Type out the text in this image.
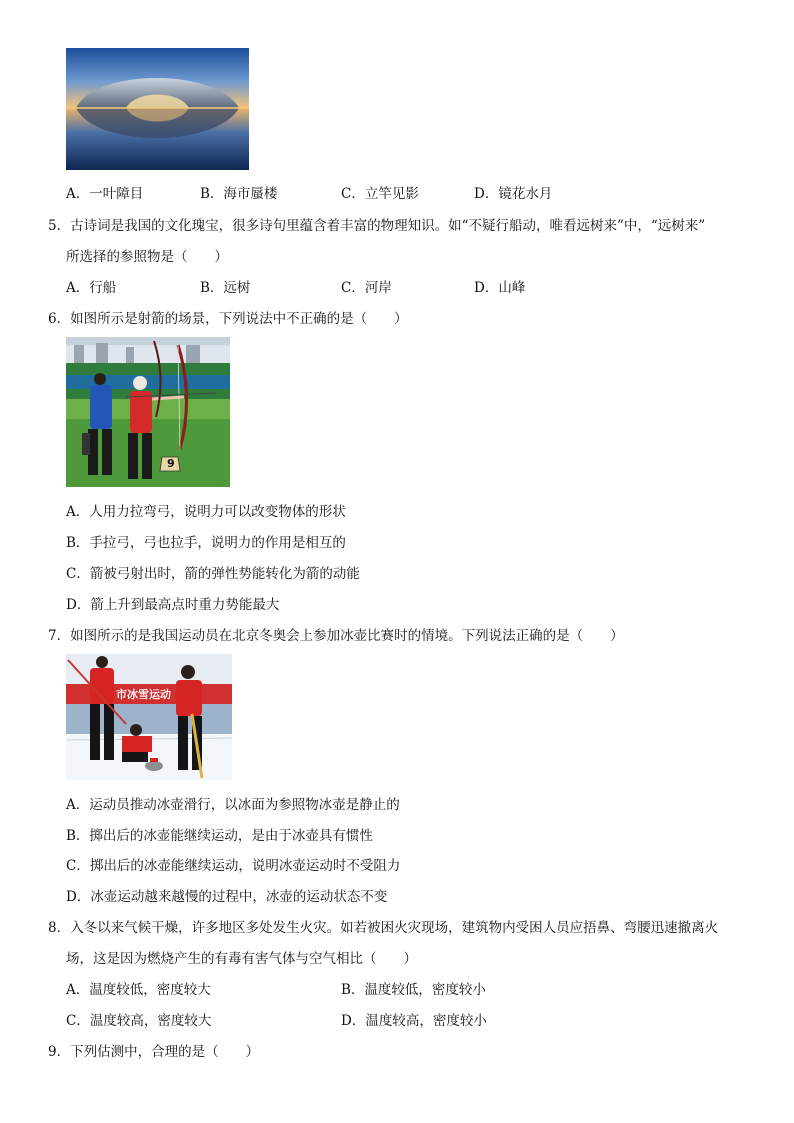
A．一叶障目	B．海市蜃楼	C．立竿见影	D．镜花水月
5．古诗词是我国的文化瑰宝，很多诗句里蕴含着丰富的物理知识。如“不疑行船动，唯看远树来”中，“远树来”
所选择的参照物是（　　）
A．行船	B．远树	C．河岸	D．山峰
6．如图所示是射箭的场景，下列说法中不正确的是（　　）
9
A．人用力拉弯弓，说明力可以改变物体的形状
B．手拉弓，弓也拉手，说明力的作用是相互的
C．箭被弓射出时，箭的弹性势能转化为箭的动能
D．箭上升到最高点时重力势能最大
7．如图所示的是我国运动员在北京冬奥会上参加冰壶比赛时的情境。下列说法正确的是（　　）
市冰雪运动
A．运动员推动冰壶滑行，以冰面为参照物冰壶是静止的
B．掷出后的冰壶能继续运动，是由于冰壶具有惯性
C．掷出后的冰壶能继续运动，说明冰壶运动时不受阻力
D．冰壶运动越来越慢的过程中，冰壶的运动状态不变
8．入冬以来气候干燥，许多地区多处发生火灾。如若被困火灾现场，建筑物内受困人员应捂鼻、弯腰迅速撤离火
场，这是因为燃烧产生的有毒有害气体与空气相比（　　）
A．温度较低，密度较大	B．温度较低，密度较小
C．温度较高，密度较大	D．温度较高，密度较小
9．下列估测中，合理的是（　　）
